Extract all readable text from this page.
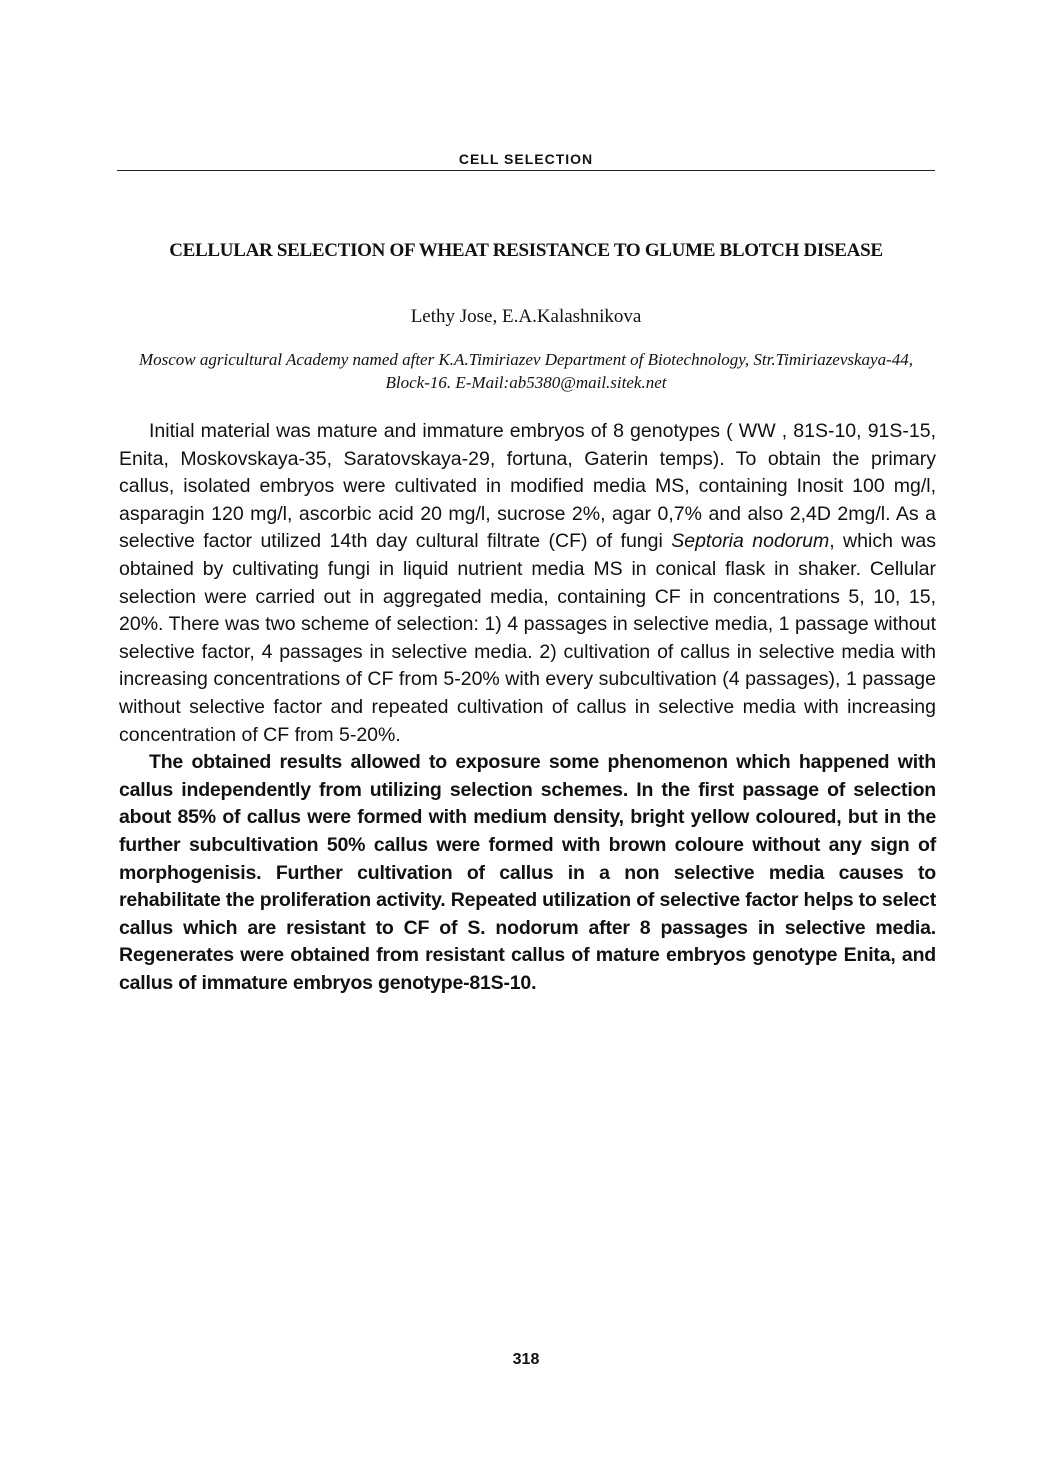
CELL SELECTION
CELLULAR SELECTION OF WHEAT RESISTANCE TO GLUME BLOTCH DISEASE
Lethy Jose, E.A.Kalashnikova
Moscow agricultural Academy named after K.A.Timiriazev Department of Biotechnology, Str.Timiriazevskaya-44, Block-16. E-Mail:ab5380@mail.sitek.net

Initial material was mature and immature embryos of 8 genotypes ( WW , 81S-10, 91S-15, Enita, Moskovskaya-35, Saratovskaya-29, fortuna, Gaterin temps). To obtain the primary callus, isolated embryos were cultivated in modified media MS, containing Inosit 100 mg/l, asparagin 120 mg/l, ascorbic acid 20 mg/l, sucrose 2%, agar 0,7% and also 2,4D 2mg/l. As a selective factor utilized 14th day cultural filtrate (CF) of fungi Septoria nodorum, which was obtained by cultivating fungi in liquid nutrient media MS in conical flask in shaker. Cellular selection were carried out in aggregated media, containing CF in concentrations 5, 10, 15, 20%. There was two scheme of selection: 1) 4 passages in selective media, 1 passage without selective factor, 4 passages in selective media. 2) cultivation of callus in selective media with increasing concentrations of CF from 5-20% with every subcultivation (4 passages), 1 passage without selective factor and repeated cultivation of callus in selective media with increasing concentration of CF from 5-20%.

The obtained results allowed to exposure some phenomenon which happened with callus independently from utilizing selection schemes. In the first passage of selection about 85% of callus were formed with medium density, bright yellow coloured, but in the further subcultivation 50% callus were formed with brown coloure without any sign of morphogenisis. Further cultivation of callus in a non selective media causes to rehabilitate the proliferation activity. Repeated utilization of selective factor helps to select callus which are resistant to CF of S. nodorum after 8 passages in selective media. Regenerates were obtained from resistant callus of mature embryos genotype Enita, and callus of immature embryos genotype-81S-10.

318
